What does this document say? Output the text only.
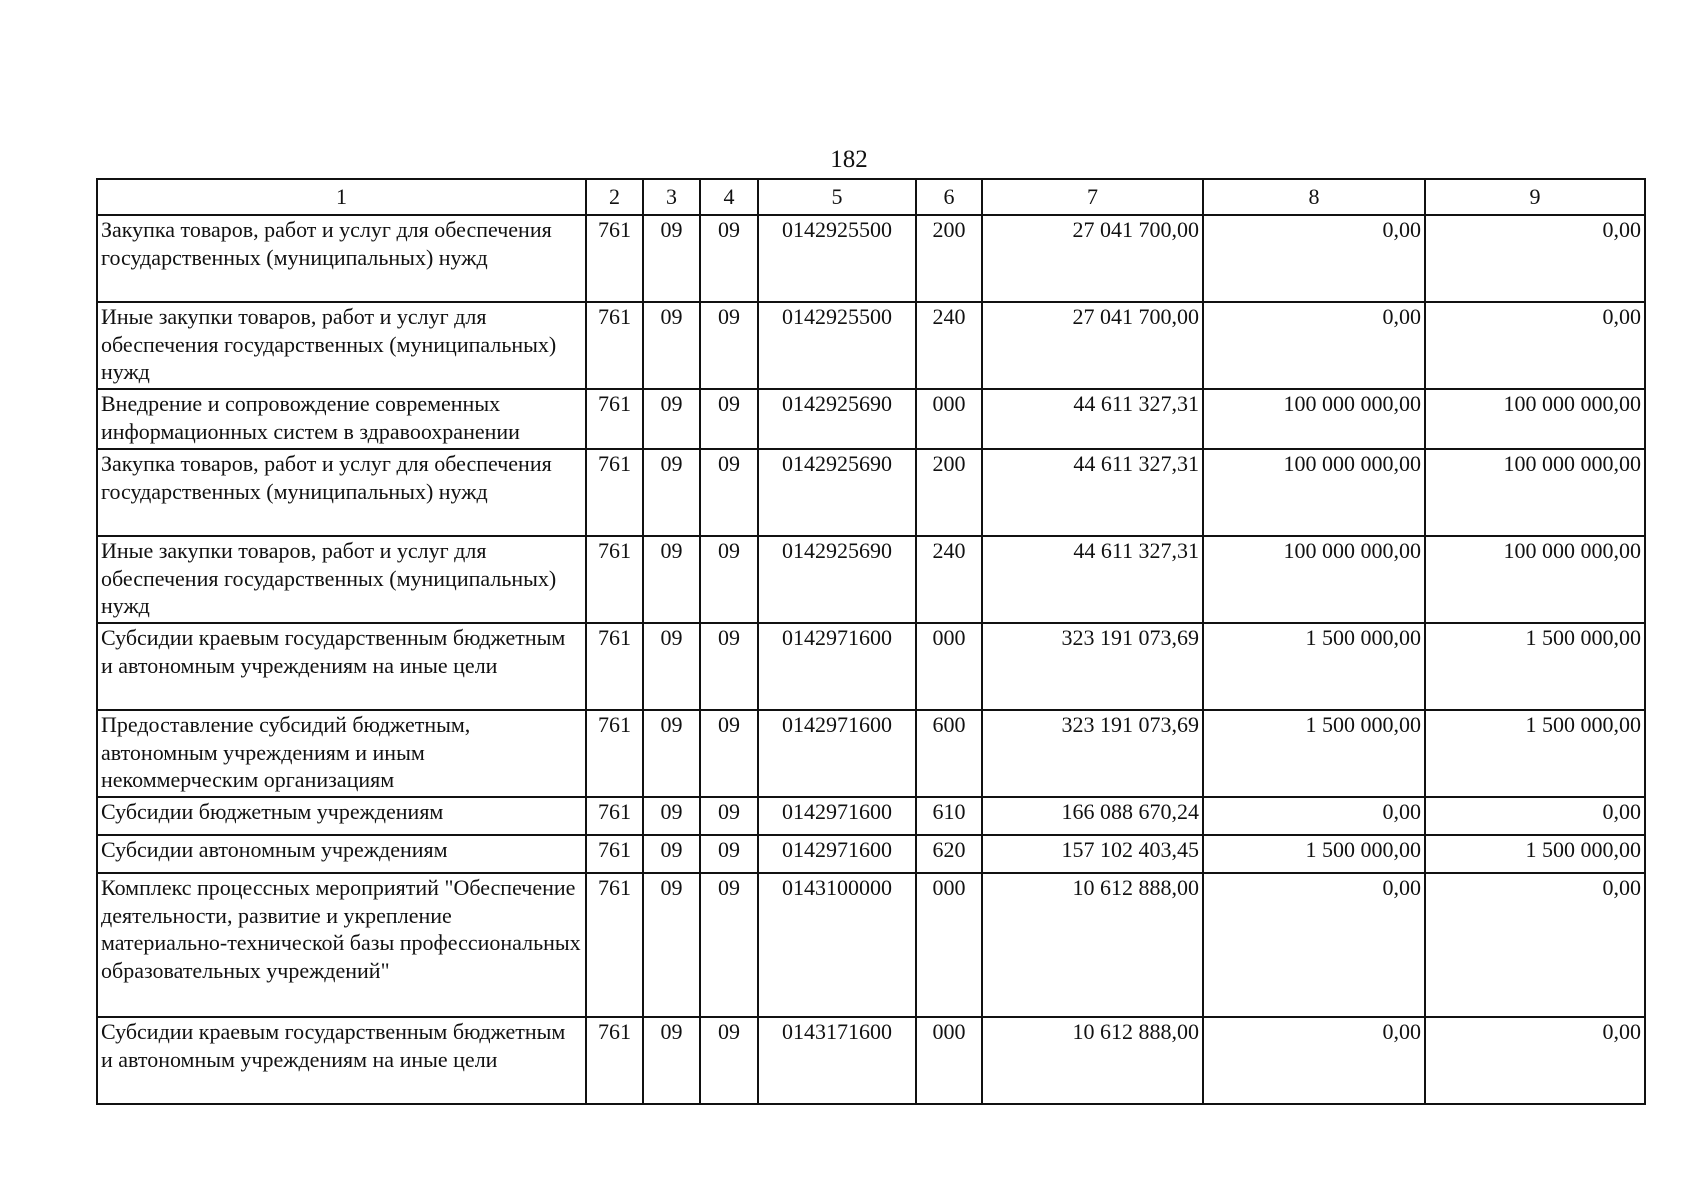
182
1	2	3	4	5	6	7	8	9
Закупка товаров, работ и услуг для обеспечения государственных (муниципальных) нужд	761	09	09	0142925500	200	27 041 700,00	0,00	0,00
Иные закупки товаров, работ и услуг для обеспечения государственных (муниципальных) нужд	761	09	09	0142925500	240	27 041 700,00	0,00	0,00
Внедрение и сопровождение современных информационных систем в здравоохранении	761	09	09	0142925690	000	44 611 327,31	100 000 000,00	100 000 000,00
Закупка товаров, работ и услуг для обеспечения государственных (муниципальных) нужд	761	09	09	0142925690	200	44 611 327,31	100 000 000,00	100 000 000,00
Иные закупки товаров, работ и услуг для обеспечения государственных (муниципальных) нужд	761	09	09	0142925690	240	44 611 327,31	100 000 000,00	100 000 000,00
Субсидии краевым государственным бюджетным и автономным учреждениям на иные цели	761	09	09	0142971600	000	323 191 073,69	1 500 000,00	1 500 000,00
Предоставление субсидий бюджетным, автономным учреждениям и иным некоммерческим организациям	761	09	09	0142971600	600	323 191 073,69	1 500 000,00	1 500 000,00
Субсидии бюджетным учреждениям	761	09	09	0142971600	610	166 088 670,24	0,00	0,00
Субсидии автономным учреждениям	761	09	09	0142971600	620	157 102 403,45	1 500 000,00	1 500 000,00
Комплекс процессных мероприятий "Обеспечение деятельности, развитие и укрепление материально-технической базы профессиональных образовательных учреждений"	761	09	09	0143100000	000	10 612 888,00	0,00	0,00
Субсидии краевым государственным бюджетным и автономным учреждениям на иные цели	761	09	09	0143171600	000	10 612 888,00	0,00	0,00
